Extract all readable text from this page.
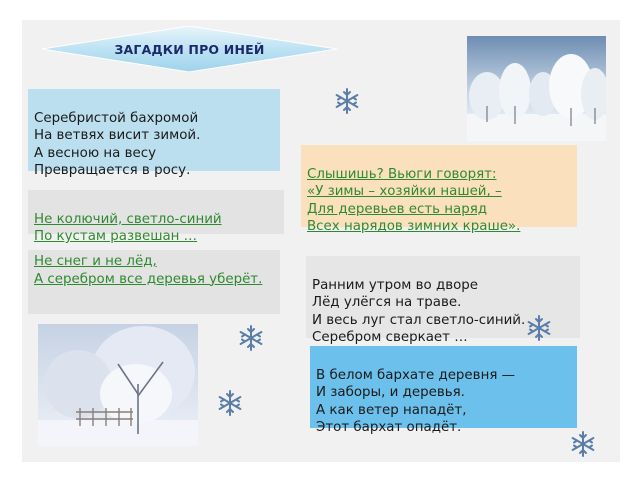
ЗАГАДКИ ПРО ИНЕЙ

Серебристой бахромой
На ветвях висит зимой.
А весною на весу
Превращается в росу.

Не колючий, светло-синий
По кустам развешан …

Не снег и не лёд,
А серебром все деревья уберёт.

Слышишь? Вьюги говорят:
«У зимы – хозяйки нашей, –
Для деревьев есть наряд
Всех нарядов зимних краше».

Ранним утром во дворе
Лёд улёгся на траве.
И весь луг стал светло-синий.
Серебром сверкает …

В белом бархате деревня —
И заборы, и деревья.
А как ветер нападёт,
Этот бархат опадёт.
